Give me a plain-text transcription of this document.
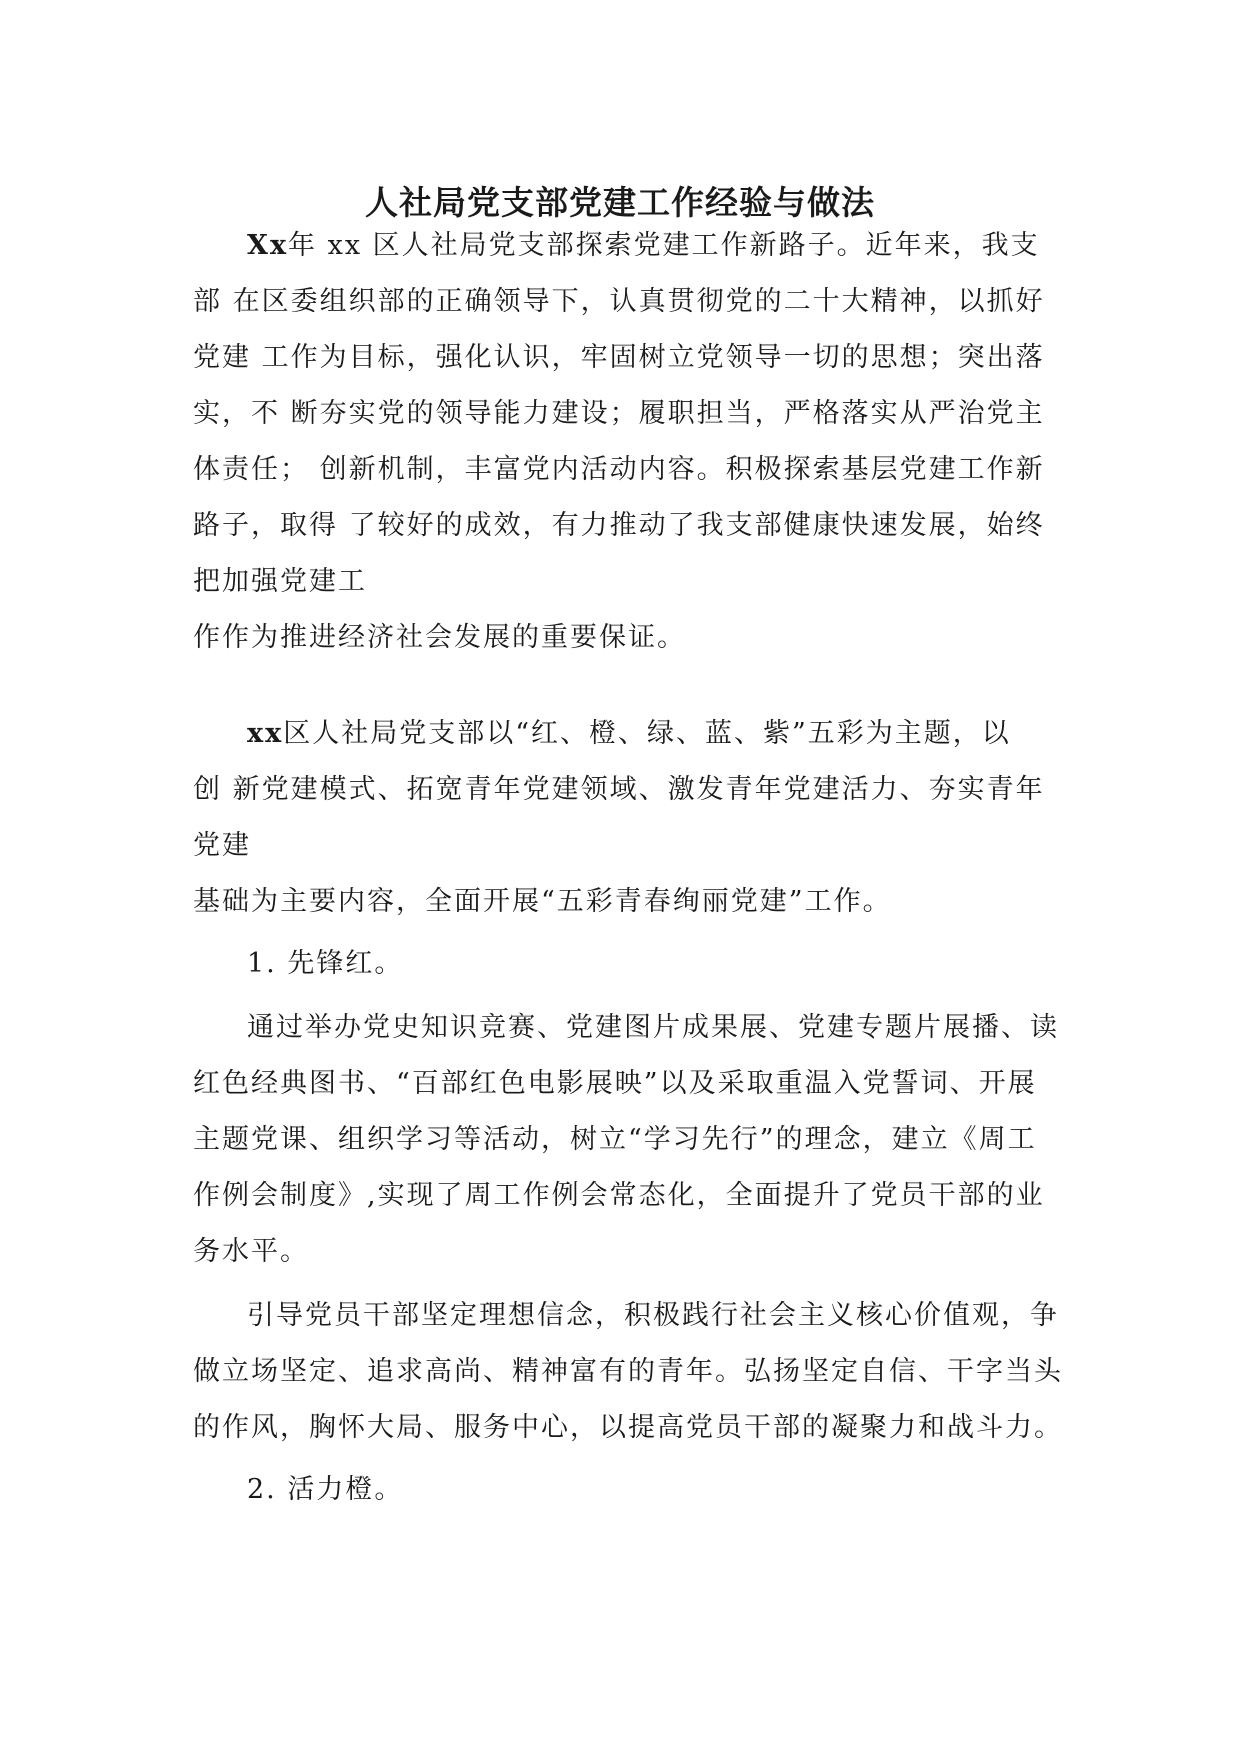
人社局党支部党建工作经验与做法
Xx年 xx 区人社局党支部探索党建工作新路子。近年来，我支
部 在区委组织部的正确领导下，认真贯彻党的二十大精神，以抓好
党建 工作为目标，强化认识，牢固树立党领导一切的思想；突出落
实，不 断夯实党的领导能力建设；履职担当，严格落实从严治党主
体责任； 创新机制，丰富党内活动内容。积极探索基层党建工作新
路子，取得 了较好的成效，有力推动了我支部健康快速发展，始终
把加强党建工
作作为推进经济社会发展的重要保证。
xx区人社局党支部以“红、橙、绿、蓝、紫”五彩为主题，以
创 新党建模式、拓宽青年党建领域、激发青年党建活力、夯实青年
党建
基础为主要内容，全面开展“五彩青春绚丽党建”工作。
1. 先锋红。
通过举办党史知识竞赛、党建图片成果展、党建专题片展播、读
红色经典图书、“百部红色电影展映”以及采取重温入党誓词、开展
主题党课、组织学习等活动，树立“学习先行”的理念，建立《周工
作例会制度》,实现了周工作例会常态化，全面提升了党员干部的业
务水平。
引导党员干部坚定理想信念，积极践行社会主义核心价值观，争
做立场坚定、追求高尚、精神富有的青年。弘扬坚定自信、干字当头
的作风，胸怀大局、服务中心，以提高党员干部的凝聚力和战斗力。
2. 活力橙。
